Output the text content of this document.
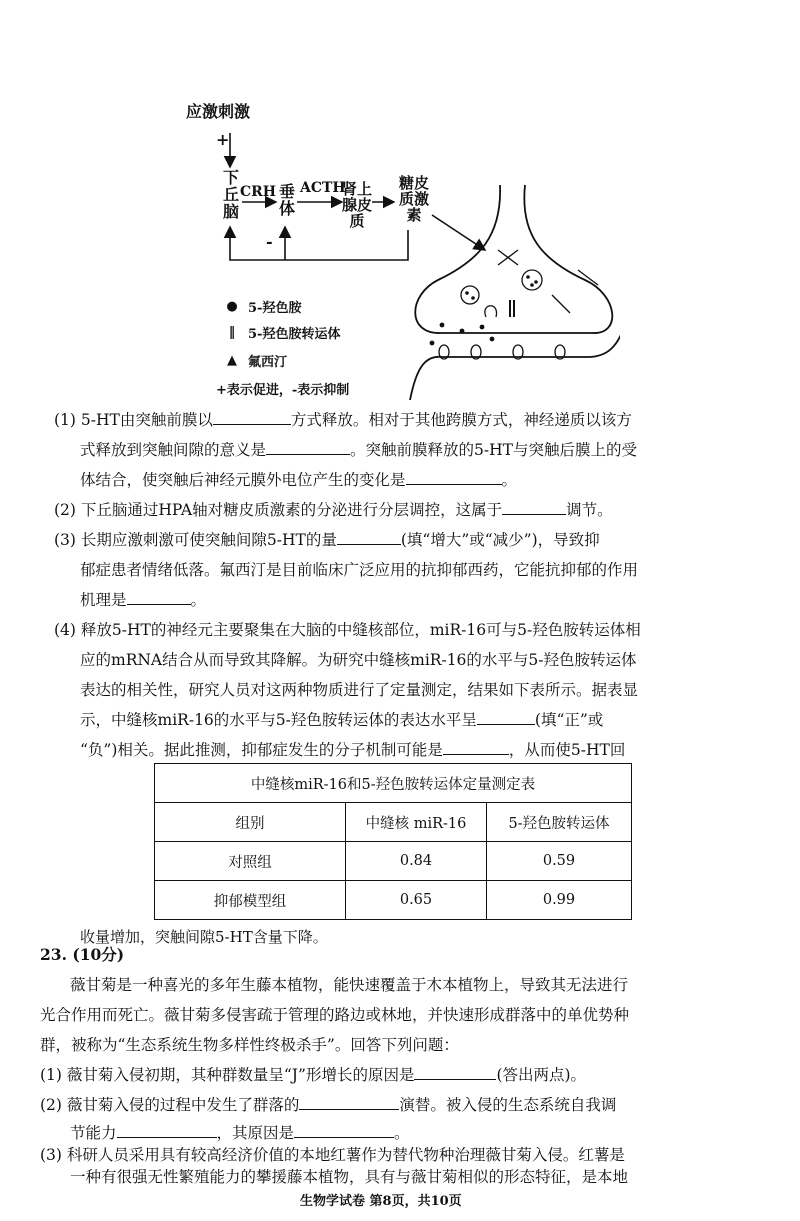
应激刺激
+
下丘脑
CRH 垂体
ACTH
肾上腺皮质
糖皮质激素
-
● 5-羟色胺
‖ 5-羟色胺转运体
▲ 氟西汀
+表示促进，-表示抑制
(1) 5-HT由突触前膜以	方式释放。相对于其他跨膜方式，神经递质以该方
式释放到突触间隙的意义是	。突触前膜释放的5-HT与突触后膜上的受
体结合，使突触后神经元膜外电位产生的变化是	。
(2) 下丘脑通过HPA轴对糖皮质激素的分泌进行分层调控，这属于	调节。
(3) 长期应激刺激可使突触间隙5-HT的量	(填“增大”或“减少”)，导致抑
郁症患者情绪低落。氟西汀是目前临床广泛应用的抗抑郁西药，它能抗抑郁的作用
机理是	。
(4) 释放5-HT的神经元主要聚集在大脑的中缝核部位，miR-16可与5-羟色胺转运体相
应的mRNA结合从而导致其降解。为研究中缝核miR-16的水平与5-羟色胺转运体
表达的相关性，研究人员对这两种物质进行了定量测定，结果如下表所示。据表显
示，中缝核miR-16的水平与5-羟色胺转运体的表达水平呈	(填“正”或
“负”)相关。据此推测，抑郁症发生的分子机制可能是	，从而使5-HT回
中缝核miR-16和5-羟色胺转运体定量测定表		
组别	中缝核 miR-16	5-羟色胺转运体
对照组	0.84	0.59
抑郁模型组	0.65	0.99
收量增加，突触间隙5-HT含量下降。
23. (10分)
薇甘菊是一种喜光的多年生藤本植物，能快速覆盖于木本植物上，导致其无法进行
光合作用而死亡。薇甘菊多侵害疏于管理的路边或林地，并快速形成群落中的单优势种
群，被称为“生态系统生物多样性终极杀手”。回答下列问题：
(1) 薇甘菊入侵初期，其种群数量呈“J”形增长的原因是	(答出两点)。
(2) 薇甘菊入侵的过程中发生了群落的	演替。被入侵的生态系统自我调
节能力	，其原因是	。
(3) 科研人员采用具有较高经济价值的本地红薯作为替代物种治理薇甘菊入侵。红薯是
一种有很强无性繁殖能力的攀援藤本植物，具有与薇甘菊相似的形态特征，是本地
生物学试卷 第8页，共10页
